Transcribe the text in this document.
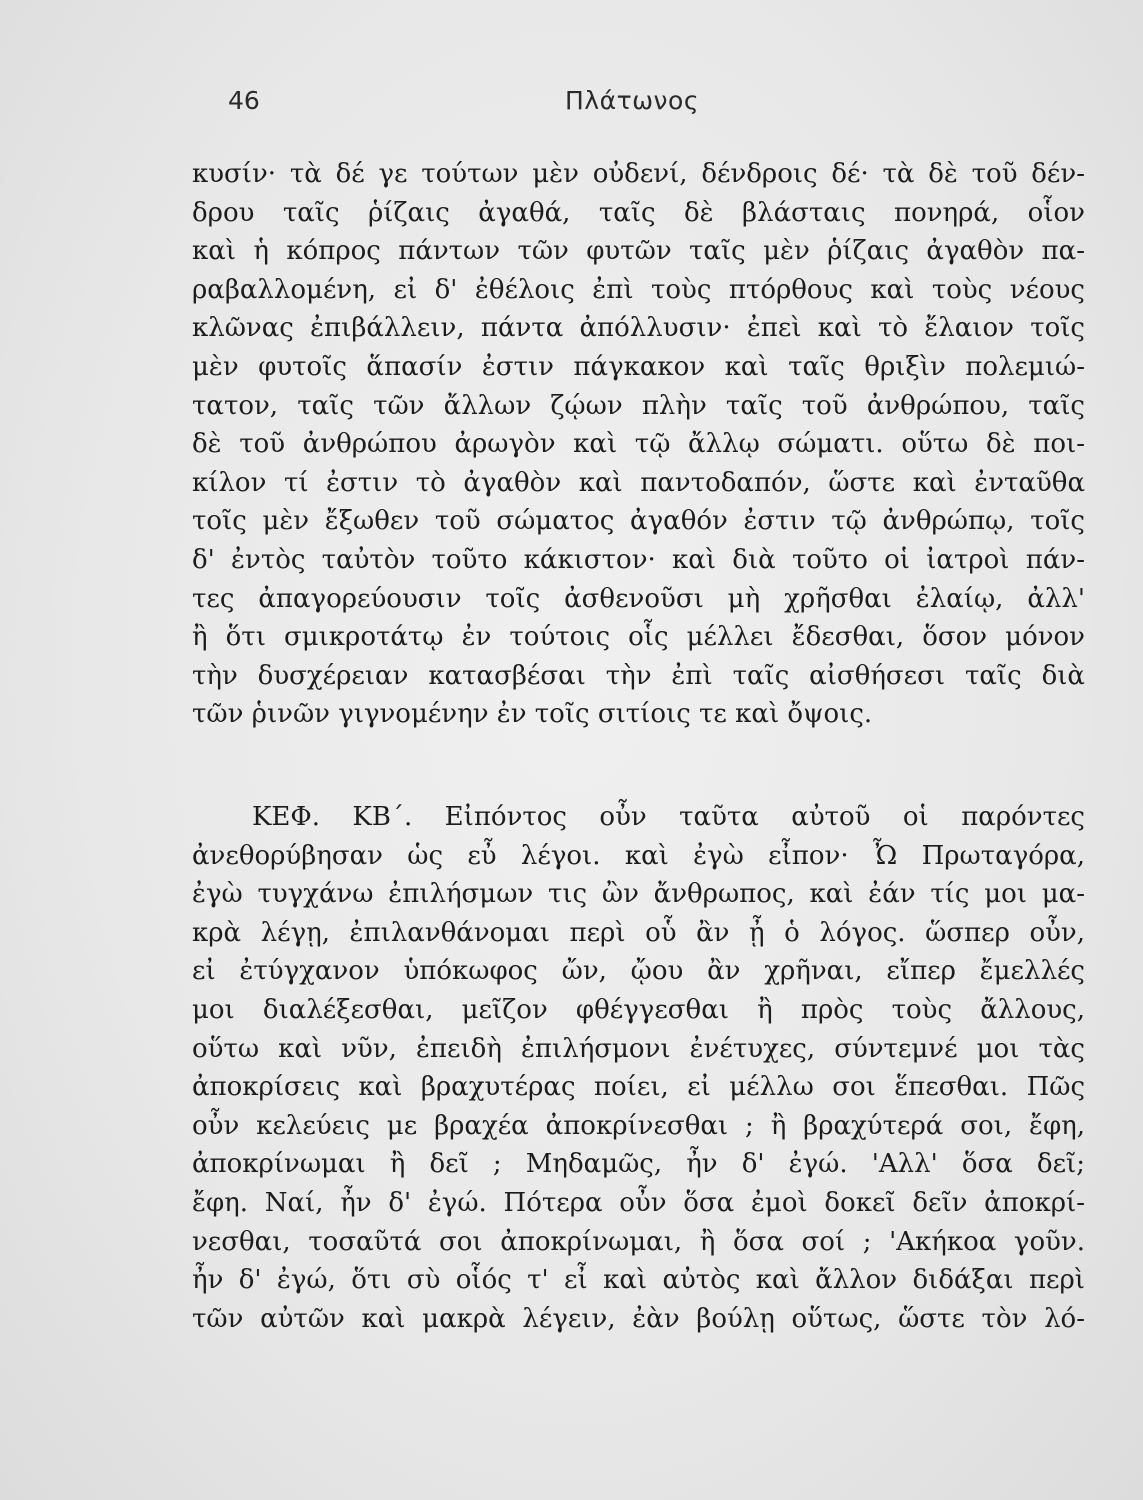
46	Πλάτωνος
κυσίν· τὰ δέ γε τούτων μὲν οὐδενί, δένδροις δέ· τὰ δὲ τοῦ δέν-
δρου ταῖς ῥίζαις ἀγαθά, ταῖς δὲ βλάσταις πονηρά, οἷον
καὶ ἡ κόπρος πάντων τῶν φυτῶν ταῖς μὲν ῥίζαις ἀγαθὸν πα-
ραβαλλομένη, εἰ δ' ἐθέλοις ἐπὶ τοὺς πτόρθους καὶ τοὺς νέους
κλῶνας ἐπιβάλλειν, πάντα ἀπόλλυσιν· ἐπεὶ καὶ τὸ ἔλαιον τοῖς
μὲν φυτοῖς ἅπασίν ἐστιν πάγκακον καὶ ταῖς θριξὶν πολεμιώ-
τατον, ταῖς τῶν ἄλλων ζῴων πλὴν ταῖς τοῦ ἀνθρώπου, ταῖς
δὲ τοῦ ἀνθρώπου ἀρωγὸν καὶ τῷ ἄλλῳ σώματι. οὕτω δὲ ποι-
κίλον τί ἐστιν τὸ ἀγαθὸν καὶ παντοδαπόν, ὥστε καὶ ἐνταῦθα
τοῖς μὲν ἔξωθεν τοῦ σώματος ἀγαθόν ἐστιν τῷ ἀνθρώπῳ, τοῖς
δ' ἐντὸς ταὐτὸν τοῦτο κάκιστον· καὶ διὰ τοῦτο οἱ ἰατροὶ πάν-
τες ἀπαγορεύουσιν τοῖς ἀσθενοῦσι μὴ χρῆσθαι ἐλαίῳ, ἀλλ'
ἢ ὅτι σμικροτάτῳ ἐν τούτοις οἷς μέλλει ἔδεσθαι, ὅσον μόνον
τὴν δυσχέρειαν κατασβέσαι τὴν ἐπὶ ταῖς αἰσθήσεσι ταῖς διὰ
τῶν ῥινῶν γιγνομένην ἐν τοῖς σιτίοις τε καὶ ὄψοις.
ΚΕΦ. ΚΒ΄. Εἰπόντος οὖν ταῦτα αὐτοῦ οἱ παρόντες
ἀνεθορύβησαν ὡς εὖ λέγοι. καὶ ἐγὼ εἶπον· Ὦ Πρωταγόρα,
ἐγὼ τυγχάνω ἐπιλήσμων τις ὢν ἄνθρωπος, καὶ ἐάν τίς μοι μα-
κρὰ λέγῃ, ἐπιλανθάνομαι περὶ οὗ ἂν ᾖ ὁ λόγος. ὥσπερ οὖν,
εἰ ἐτύγχανον ὑπόκωφος ὤν, ᾤου ἂν χρῆναι, εἴπερ ἔμελλές
μοι διαλέξεσθαι, μεῖζον φθέγγεσθαι ἢ πρὸς τοὺς ἄλλους,
οὕτω καὶ νῦν, ἐπειδὴ ἐπιλήσμονι ἐνέτυχες, σύντεμνέ μοι τὰς
ἀποκρίσεις καὶ βραχυτέρας ποίει, εἰ μέλλω σοι ἕπεσθαι. Πῶς
οὖν κελεύεις με βραχέα ἀποκρίνεσθαι ; ἢ βραχύτερά σοι, ἔφη,
ἀποκρίνωμαι ἢ δεῖ ; Μηδαμῶς, ἦν δ' ἐγώ. 'Αλλ' ὅσα δεῖ;
ἔφη. Ναί, ἦν δ' ἐγώ. Πότερα οὖν ὅσα ἐμοὶ δοκεῖ δεῖν ἀποκρί-
νεσθαι, τοσαῦτά σοι ἀποκρίνωμαι, ἢ ὅσα σοί ; 'Ακήκοα γοῦν.
ἦν δ' ἐγώ, ὅτι σὺ οἷός τ' εἶ καὶ αὐτὸς καὶ ἄλλον διδάξαι περὶ
τῶν αὐτῶν καὶ μακρὰ λέγειν, ἐὰν βούλῃ οὕτως, ὥστε τὸν λό-
